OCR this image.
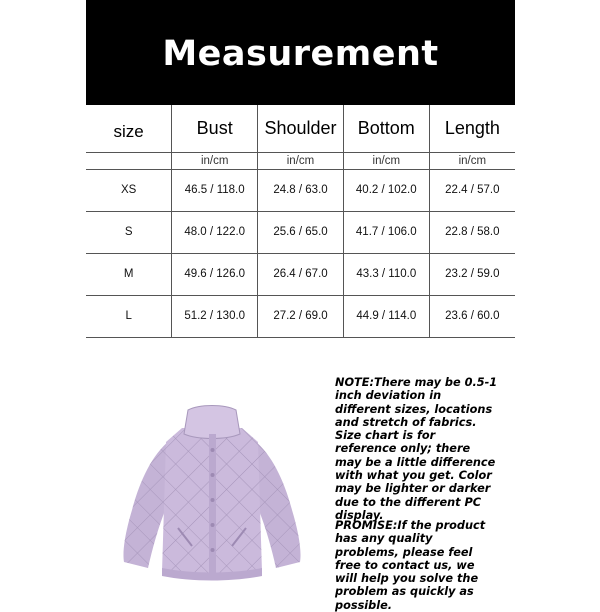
Measurement
size	Bust	Shoulder	Bottom	Length
	in/cm	in/cm	in/cm	in/cm
XS	46.5 / 118.0	24.8 / 63.0	40.2 / 102.0	22.4 / 57.0
S	48.0 / 122.0	25.6 / 65.0	41.7 / 106.0	22.8 / 58.0
M	49.6 / 126.0	26.4 / 67.0	43.3 / 110.0	23.2 / 59.0
L	51.2 / 130.0	27.2 / 69.0	44.9 / 114.0	23.6 / 60.0
NOTE:There may be 0.5-1 inch deviation in different sizes, locations and stretch of fabrics. Size chart is for reference only; there may be a little difference with what you get. Color may be lighter or darker due to the different PC display.
PROMISE:If the product has any quality problems, please feel free to contact us, we will help you solve the problem as quickly as possible.
